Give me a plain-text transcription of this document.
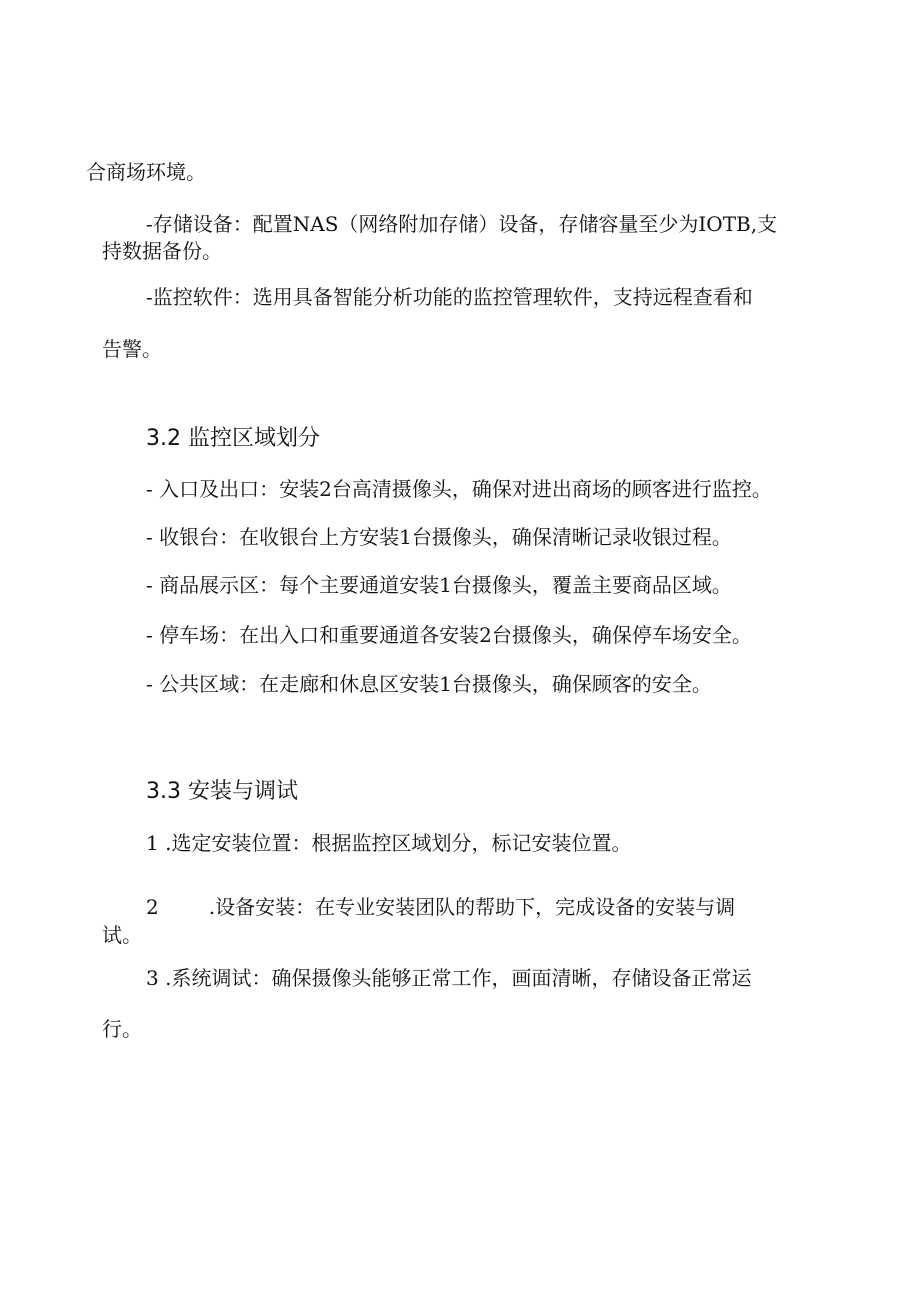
合商场环境。
-存储设备：配置NAS（网络附加存储）设备，存储容量至少为IOTB,支
持数据备份。
-监控软件：选用具备智能分析功能的监控管理软件，支持远程查看和
告警。
3.2 监控区域划分
- 入口及出口：安装2台高清摄像头，确保对进出商场的顾客进行监控。
- 收银台：在收银台上方安装1台摄像头，确保清晰记录收银过程。
- 商品展示区：每个主要通道安装1台摄像头，覆盖主要商品区域。
- 停车场：在出入口和重要通道各安装2台摄像头，确保停车场安全。
- 公共区域：在走廊和休息区安装1台摄像头，确保顾客的安全。
3.3 安装与调试
1 .选定安装位置：根据监控区域划分，标记安装位置。
2	.设备安装：在专业安装团队的帮助下，完成设备的安装与调
试。
3 .系统调试：确保摄像头能够正常工作，画面清晰，存储设备正常运
行。
